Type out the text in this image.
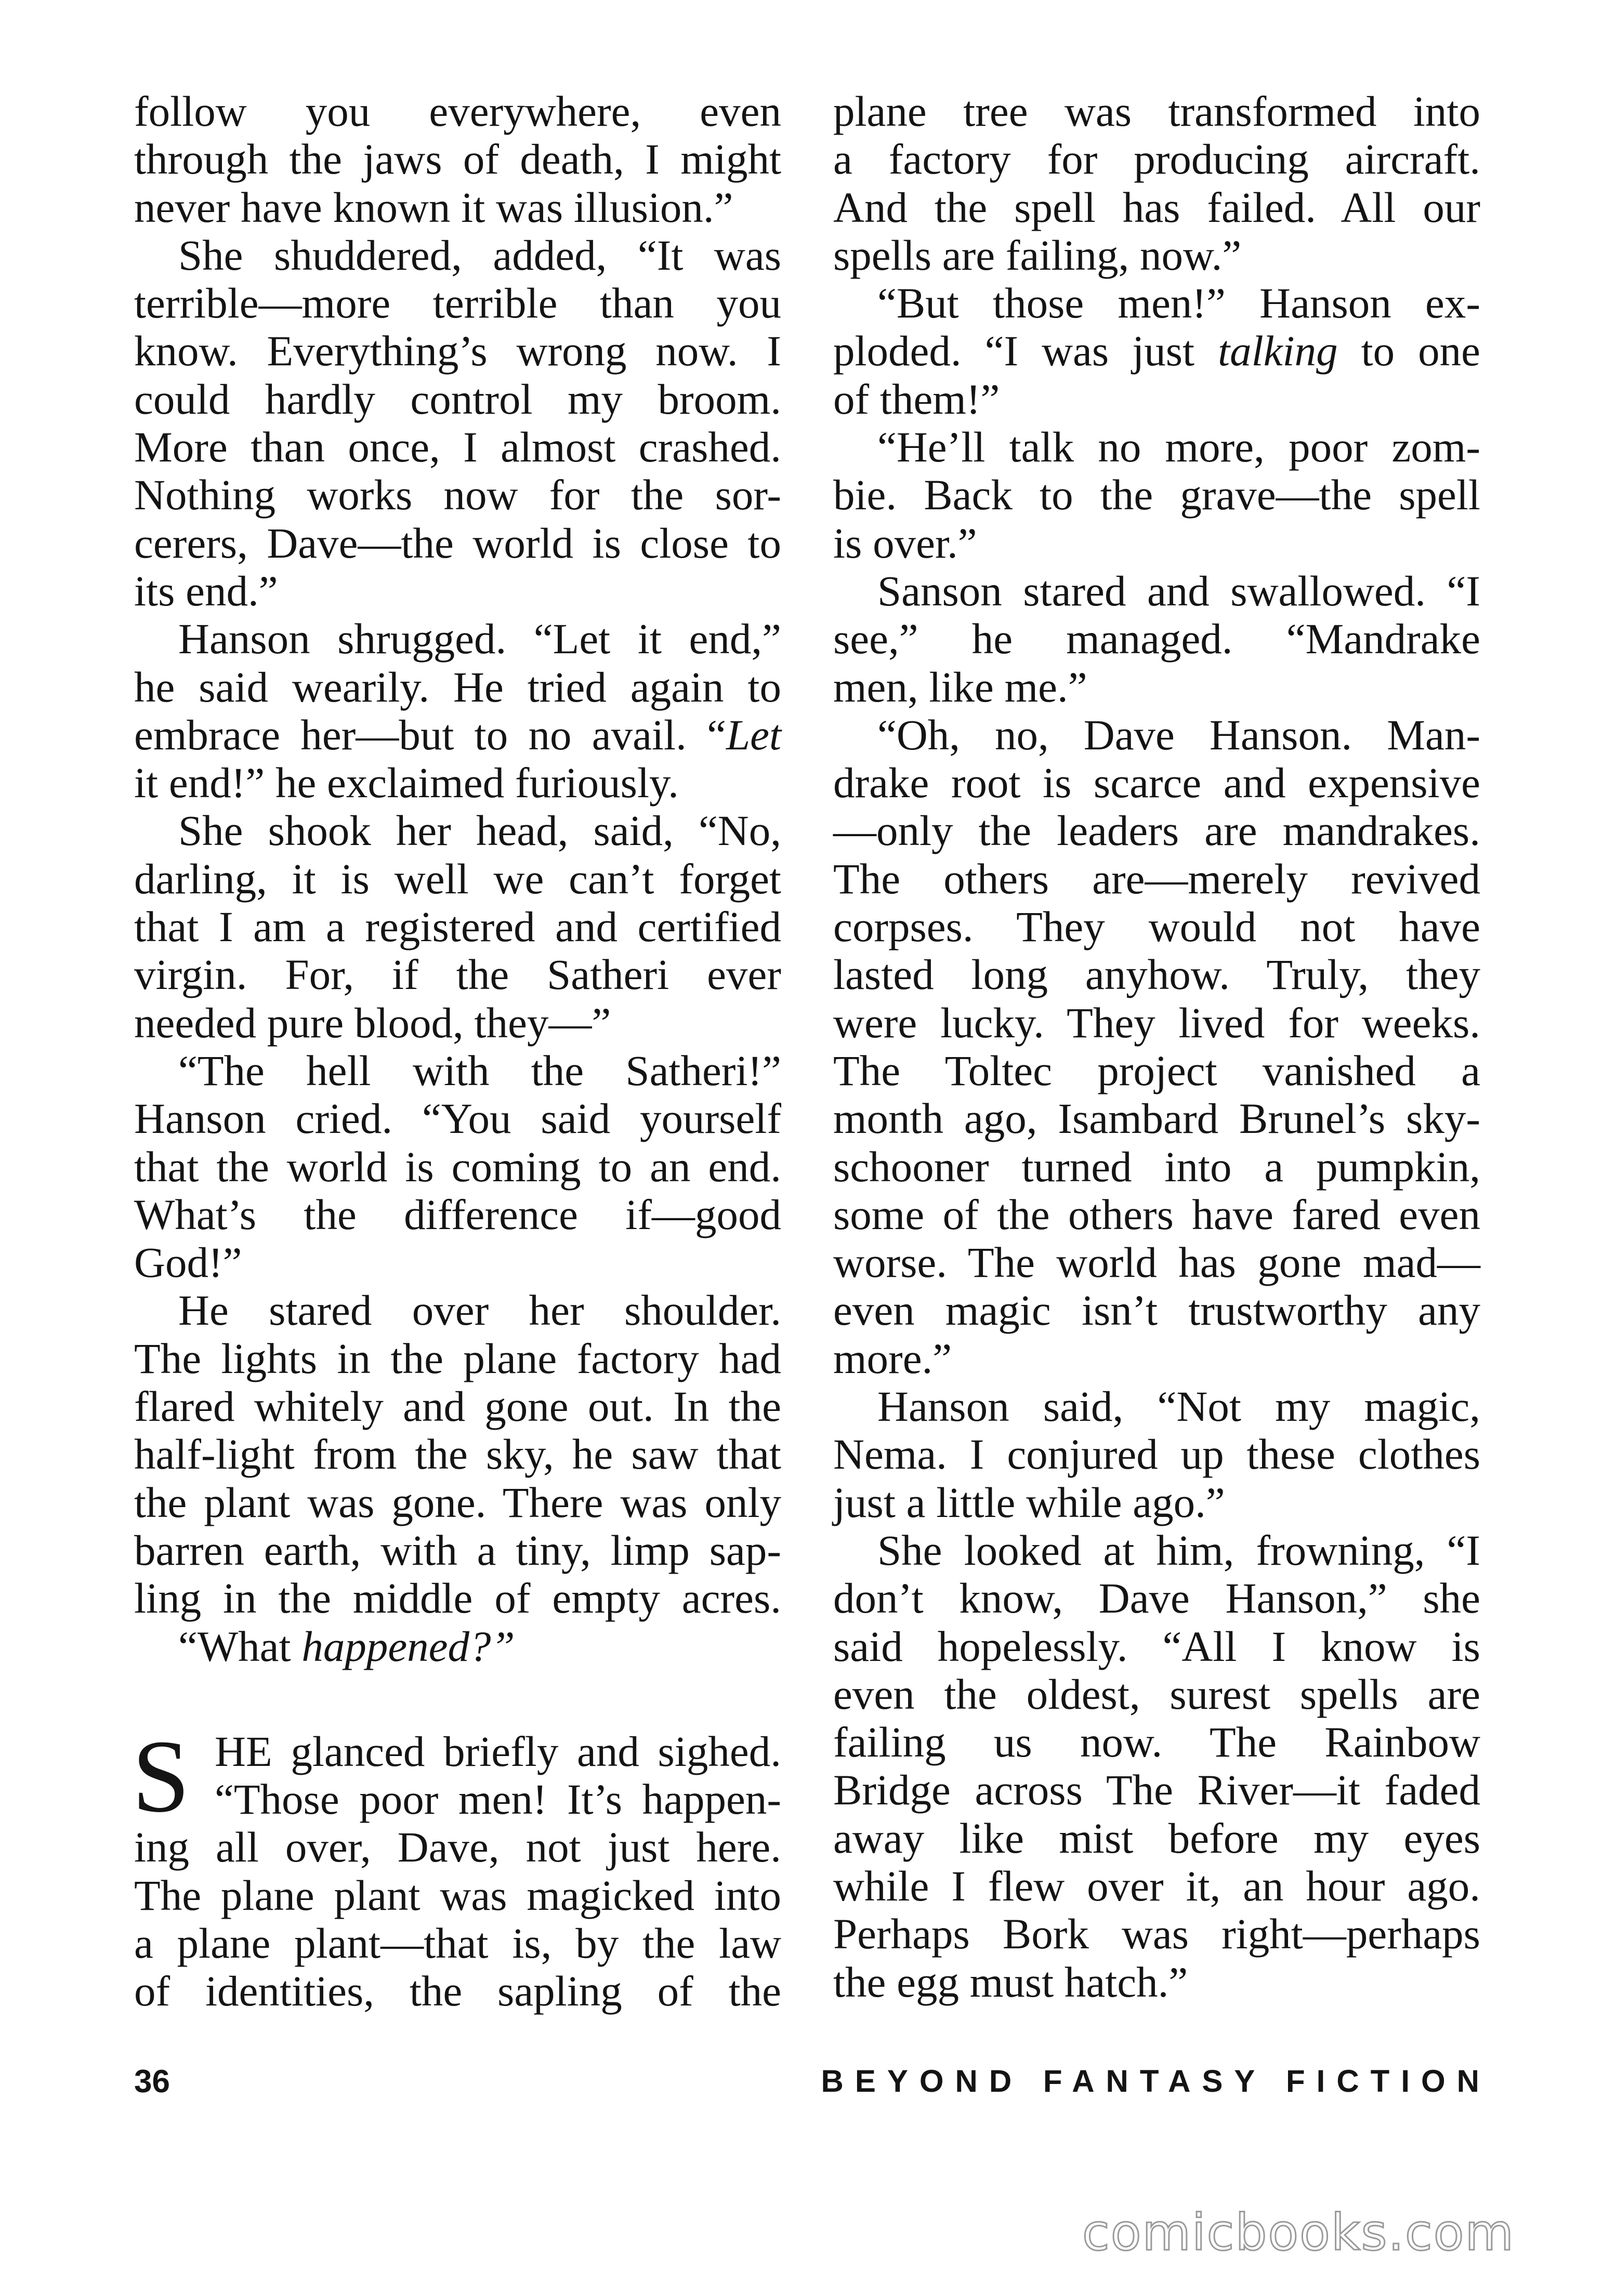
follow you everywhere, even
through the jaws of death, I might
never have known it was illusion.”
She shuddered, added, “It was
terrible—more terrible than you
know. Everything’s wrong now. I
could hardly control my broom.
More than once, I almost crashed.
Nothing works now for the sor-
cerers, Dave—the world is close to
its end.”
Hanson shrugged. “Let it end,”
he said wearily. He tried again to
embrace her—but to no avail. “Let
it end!” he exclaimed furiously.
She shook her head, said, “No,
darling, it is well we can’t forget
that I am a registered and certified
virgin. For, if the Satheri ever
needed pure blood, they—”
“The hell with the Satheri!”
Hanson cried. “You said yourself
that the world is coming to an end.
What’s the difference if—good
God!”
He stared over her shoulder.
The lights in the plane factory had
flared whitely and gone out. In the
half-light from the sky, he saw that
the plant was gone. There was only
barren earth, with a tiny, limp sap-
ling in the middle of empty acres.
“What happened?”
S HE glanced briefly and sighed.
“Those poor men! It’s happen-
ing all over, Dave, not just here.
The plane plant was magicked into
a plane plant—that is, by the law
of identities, the sapling of the
plane tree was transformed into
a factory for producing aircraft.
And the spell has failed. All our
spells are failing, now.”
“But those men!” Hanson ex-
ploded. “I was just talking to one
of them!”
“He’ll talk no more, poor zom-
bie. Back to the grave—the spell
is over.”
Sanson stared and swallowed. “I
see,” he managed. “Mandrake
men, like me.”
“Oh, no, Dave Hanson. Man-
drake root is scarce and expensive
—only the leaders are mandrakes.
The others are—merely revived
corpses. They would not have
lasted long anyhow. Truly, they
were lucky. They lived for weeks.
The Toltec project vanished a
month ago, Isambard Brunel’s sky-
schooner turned into a pumpkin,
some of the others have fared even
worse. The world has gone mad—
even magic isn’t trustworthy any
more.”
Hanson said, “Not my magic,
Nema. I conjured up these clothes
just a little while ago.”
She looked at him, frowning, “I
don’t know, Dave Hanson,” she
said hopelessly. “All I know is
even the oldest, surest spells are
failing us now. The Rainbow
Bridge across The River—it faded
away like mist before my eyes
while I flew over it, an hour ago.
Perhaps Bork was right—perhaps
the egg must hatch.”
36	BEYOND FANTASY FICTION
comicbooks.com
